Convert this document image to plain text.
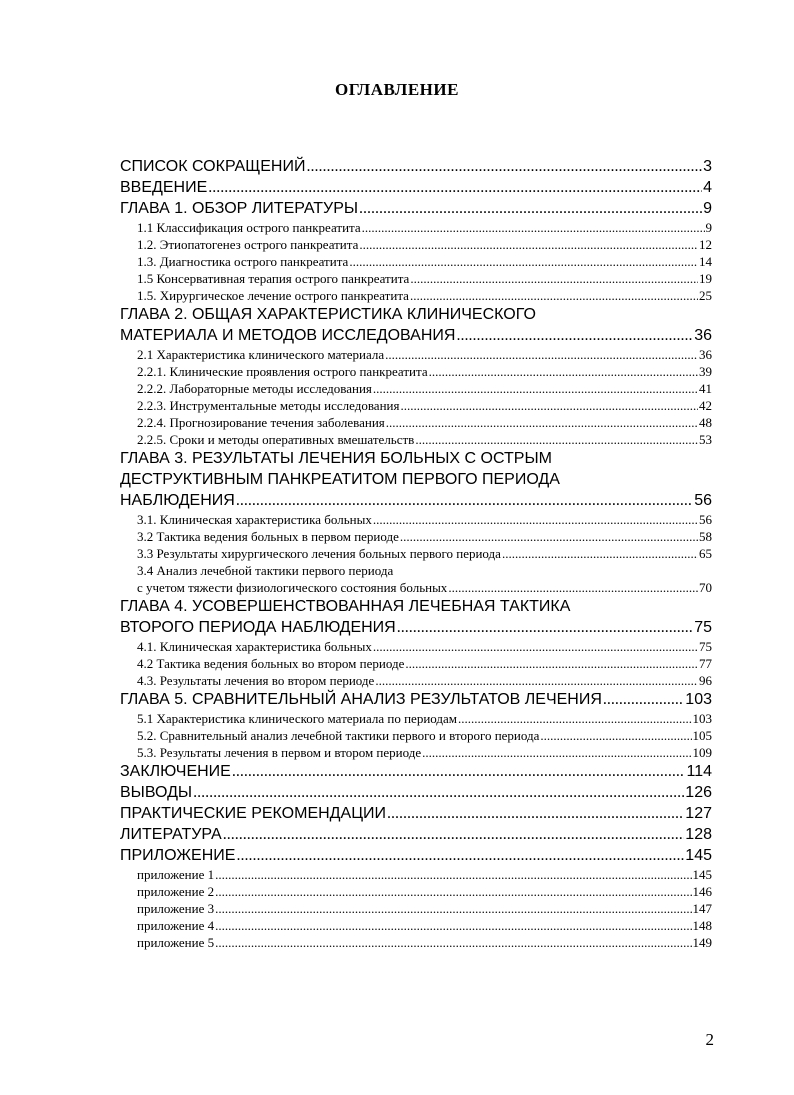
ОГЛАВЛЕНИЕ
СПИСОК СОКРАЩЕНИЙ .....	3
ВВЕДЕНИЕ .....	4
ГЛАВА 1. ОБЗОР ЛИТЕРАТУРЫ .....	9
1.1 Классификация острого панкреатита .....	9
1.2. Этиопатогенез острого панкреатита .....	12
1.3. Диагностика острого панкреатита .....	14
1.5 Консервативная терапия острого панкреатита .....	19
1.5. Хирургическое лечение острого панкреатита .....	25
ГЛАВА 2. ОБЩАЯ ХАРАКТЕРИСТИКА КЛИНИЧЕСКОГО
МАТЕРИАЛА И МЕТОДОВ ИССЛЕДОВАНИЯ .....	36
2.1 Характеристика клинического материала .....	36
2.2.1. Клинические проявления острого панкреатита .....	39
2.2.2. Лабораторные методы исследования .....	41
2.2.3. Инструментальные методы исследования .....	42
2.2.4. Прогнозирование течения заболевания .....	48
2.2.5. Сроки и методы оперативных вмешательств .....	53
ГЛАВА 3. РЕЗУЛЬТАТЫ ЛЕЧЕНИЯ БОЛЬНЫХ С ОСТРЫМ
ДЕСТРУКТИВНЫМ ПАНКРЕАТИТОМ ПЕРВОГО ПЕРИОДА
НАБЛЮДЕНИЯ .....	56
3.1. Клиническая характеристика больных .....	56
3.2 Тактика ведения больных в первом периоде .....	58
3.3 Результаты хирургического лечения больных первого периода .....	65
3.4 Анализ лечебной тактики первого периода
с учетом тяжести физиологического состояния больных .....	70
ГЛАВА 4. УСОВЕРШЕНСТВОВАННАЯ ЛЕЧЕБНАЯ ТАКТИКА
ВТОРОГО ПЕРИОДА НАБЛЮДЕНИЯ .....	75
4.1. Клиническая характеристика больных .....	75
4.2 Тактика ведения больных во втором периоде .....	77
4.3. Результаты лечения во втором периоде .....	96
ГЛАВА 5. СРАВНИТЕЛЬНЫЙ АНАЛИЗ РЕЗУЛЬТАТОВ ЛЕЧЕНИЯ .....	103
5.1 Характеристика клинического материала по периодам .....	103
5.2. Сравнительный анализ лечебной тактики первого и второго периода .....	105
5.3. Результаты лечения в первом и втором периоде .....	109
ЗАКЛЮЧЕНИЕ .....	114
ВЫВОДЫ .....	126
ПРАКТИЧЕСКИЕ РЕКОМЕНДАЦИИ .....	127
ЛИТЕРАТУРА .....	128
ПРИЛОЖЕНИЕ .....	145
приложение 1 .....	145
приложение 2 .....	146
приложение 3 .....	147
приложение 4 .....	148
приложение 5 .....	149
2
